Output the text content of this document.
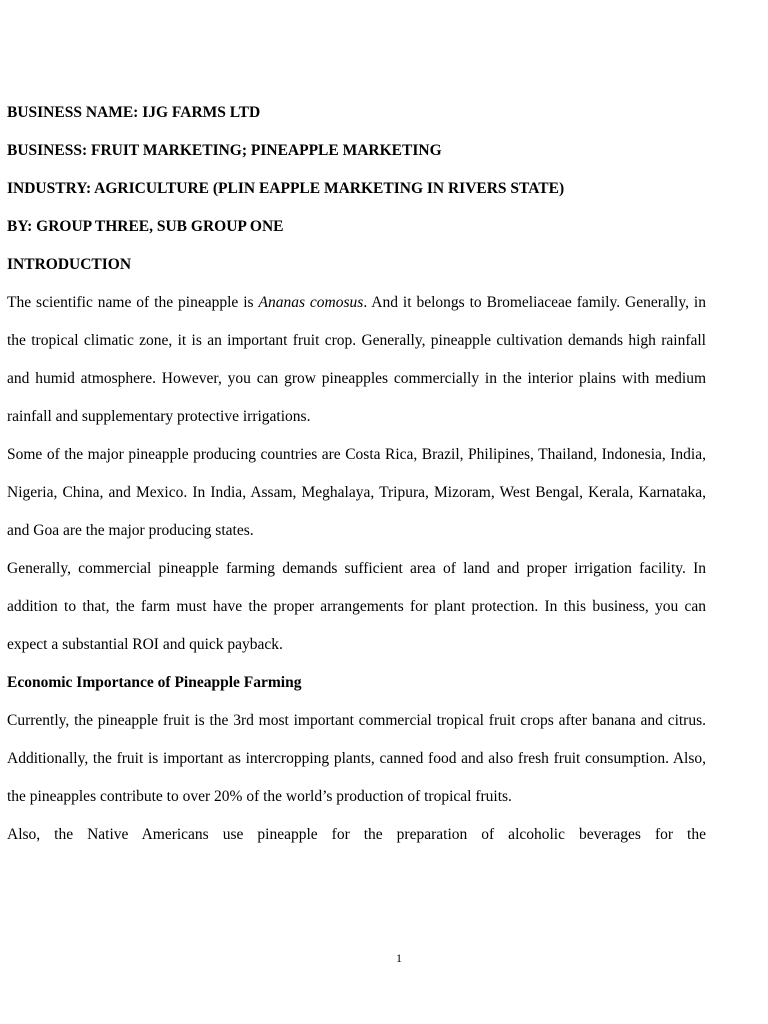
BUSINESS NAME: IJG FARMS LTD

BUSINESS: FRUIT MARKETING; PINEAPPLE MARKETING

INDUSTRY: AGRICULTURE (PLIN EAPPLE MARKETING IN RIVERS STATE)

BY: GROUP THREE, SUB GROUP ONE

INTRODUCTION

The scientific name of the pineapple is Ananas comosus. And it belongs to Bromeliaceae family. Generally, in the tropical climatic zone, it is an important fruit crop. Generally, pineapple cultivation demands high rainfall and humid atmosphere. However, you can grow pineapples commercially in the interior plains with medium rainfall and supplementary protective irrigations.

Some of the major pineapple producing countries are Costa Rica, Brazil, Philipines, Thailand, Indonesia, India, Nigeria, China, and Mexico. In India, Assam, Meghalaya, Tripura, Mizoram, West Bengal, Kerala, Karnataka, and Goa are the major producing states.

Generally, commercial pineapple farming demands sufficient area of land and proper irrigation facility. In addition to that, the farm must have the proper arrangements for plant protection. In this business, you can expect a substantial ROI and quick payback.

Economic Importance of Pineapple Farming

Currently, the pineapple fruit is the 3rd most important commercial tropical fruit crops after banana and citrus. Additionally, the fruit is important as intercropping plants, canned food and also fresh fruit consumption. Also, the pineapples contribute to over 20% of the world’s production of tropical fruits.

Also, the Native Americans use pineapple for the preparation of alcoholic beverages for the

1
